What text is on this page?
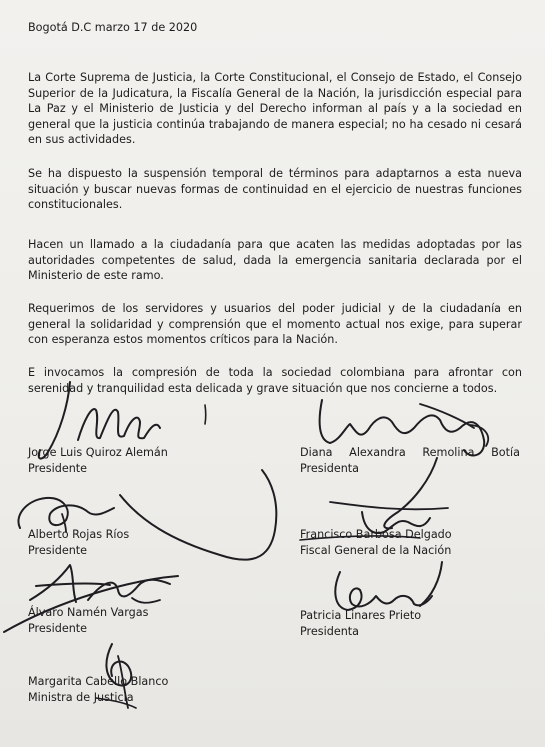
Bogotá D.C marzo 17 de 2020

La Corte Suprema de Justicia, la Corte Constitucional, el Consejo de Estado, el Consejo Superior de la Judicatura, la Fiscalía General de la Nación, la jurisdicción especial para La Paz y el Ministerio de Justicia y del Derecho informan al país y a la sociedad en general que la justicia continúa trabajando de manera especial; no ha cesado ni cesará en sus actividades.

Se ha dispuesto la suspensión temporal de términos para adaptarnos a esta nueva situación y buscar nuevas formas de continuidad en el ejercicio de nuestras funciones constitucionales.

Hacen un llamado a la ciudadanía para que acaten las medidas adoptadas por las autoridades competentes de salud, dada la emergencia sanitaria declarada por el Ministerio de este ramo.

Requerimos de los servidores y usuarios del poder judicial y de la ciudadanía en general la solidaridad y comprensión que el momento actual nos exige, para superar con esperanza estos momentos críticos para la Nación.

E invocamos la compresión de toda la sociedad colombiana para afrontar con serenidad y tranquilidad esta delicada y grave situación que nos concierne a todos.

Jorge Luis Quiroz Alemán
Presidente
Diana Alexandra Remolina Botía
Presidenta
Alberto Rojas Ríos
Presidente
Francisco Barbosa Delgado
Fiscal General de la Nación
Álvaro Namén Vargas
Presidente
Patricia Linares Prieto
Presidenta
Margarita Cabello Blanco
Ministra de Justicia
